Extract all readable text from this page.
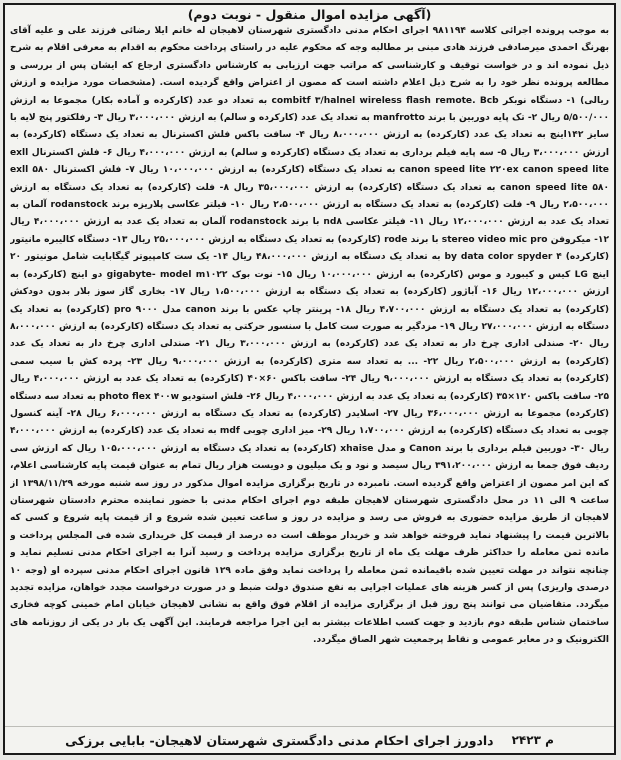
(آگهی مزایده اموال منقول - نوبت دوم)

به موجب پرونده اجرائی کلاسه ۹۸۱۱۹۴ اجرای احکام مدنی دادگستری شهرستان لاهیجان له خانم ایلا رضائی فرزند علی و علیه آقای بهرنگ احمدی میرصادقی فرزند هادی مبنی بر مطالبه وجه که محکوم علیه در راستای پرداخت محکوم به اقدام به معرفی اقلام به شرح ذیل نموده اند و در خواست توقیف و کارشناسی که مراتب جهت ارزیابی به کارشناس دادگستری ارجاع که ایشان پس از بررسی و مطالعه پرونده نظر خود را به شرح ذیل اعلام داشته است که مصون از اعتراض واقع گردیده است. (مشخصات مورد مزایده و ارزش ریالی) ۱- دستگاه نوبکر combitf ۳/halnel wireless flash remote. Bcb به تعداد دو عدد (کارکرده و آماده بکار) مجموعا به ارزش ۵/۵۰۰/۰۰۰ ریال ۲- تک پایه دوربین با برند manfrotto به تعداد یک عدد (کارکرده و سالم) به ارزش ۳،۰۰۰،۰۰۰ ریال ۳- رفلکتور پنج لایه با سایز ۱۴۲اینچ به تعداد یک عدد (کارکرده) به ارزش ۸،۰۰۰،۰۰۰ ریال ۴- سافت باکس فلش اکسترنال به تعداد یک دستگاه (کارکرده) به ارزش ۳،۰۰۰،۰۰۰ ریال ۵- سه پایه فیلم برداری به تعداد یک دستگاه (کارکرده و سالم) به ارزش ۴،۰۰۰،۰۰۰ ریال ۶- فلش اکسترنال exll canon speed lite ۲۲۰ex canon speed lite به تعداد یک دستگاه (کارکرده) به ارزش ۱۰،۰۰۰،۰۰۰ ریال ۷- فلش اکسترنال ۵۸۰ exll canon speed lite ۵۸۰ به تعداد یک دستگاه (کارکرده) به ارزش ۳۵،۰۰۰،۰۰۰ ریال ۸- فلت (کارکرده) به تعداد یک دستگاه به ارزش ۲،۵۰۰،۰۰۰ ریال ۹- فلت (کارکرده) به تعداد یک دستگاه به ارزش ۲،۵۰۰،۰۰۰ ریال ۱۰- فیلتر عکاسی پلاریزه برند rodanstock آلمان به تعداد یک عدد به ارزش ۱۲،۰۰۰،۰۰۰ ریال ۱۱- فیلتر عکاسی nd۸ با برند rodanstock آلمان به تعداد یک عدد به ارزش ۴،۰۰۰،۰۰۰ ریال ۱۲- میکروفن stereo video mic pro با برند rode (کارکرده) به تعداد یک دستگاه به ارزش ۲۵،۰۰۰،۰۰۰ ریال ۱۳- دستگاه کالیبره مانیتور (کارکرده) by data color spyder ۴ به تعداد یک دستگاه به ارزش ۴۸،۰۰۰،۰۰۰ ریال ۱۴- یک ست کامپیوتر گیگابایت شامل مونیتور ۲۰ اینچ LG کیس و کیبورد و موس (کارکرده) به ارزش ۱۰،۰۰۰،۰۰۰ ریال ۱۵- نوت بوک gigabyte- model m۱۰۲۲ دو اینچ (کارکرده) به ارزش ۱۲،۰۰۰،۰۰۰ ریال ۱۶- آباژور (کارکرده) به تعداد یک دستگاه به ارزش ۱،۵۰۰،۰۰۰ ریال ۱۷- بخاری گاز سوز بلار بدون دودکش (کارکرده) به تعداد یک دستگاه به ارزش ۴،۷۰۰،۰۰۰ ریال ۱۸- پرینتر چاپ عکس با برند canon مدل pro ۹۰۰۰ (کارکرده) به تعداد یک دستگاه به ارزش ۲۷،۰۰۰،۰۰۰ ریال ۱۹- مزدگیر به صورت ست کامل با سنسور حرکتی به تعداد یک دستگاه (کارکرده) به ارزش ۸،۰۰۰،۰۰۰ ریال ۲۰- صندلی اداری چرخ دار به تعداد یک عدد (کارکرده) به ارزش ۳،۰۰۰،۰۰۰ ریال ۲۱- صندلی اداری چرخ دار به تعداد یک عدد (کارکرده) به ارزش ۲،۵۰۰،۰۰۰ ریال ۲۲- ... به تعداد سه متری (کارکرده) به ارزش ۹،۰۰۰،۰۰۰ ریال ۲۳- پرده کش با سیب سمی (کارکرده) به تعداد یک دستگاه به ارزش ۹،۰۰۰،۰۰۰ ریال ۲۴- سافت باکس ۶۰×۴۰ (کارکرده) به تعداد یک عدد به ارزش ۴،۰۰۰،۰۰۰ ریال ۲۵- سافت باکس ۱۲۰×۳۵ (کارکرده) به تعداد یک عدد به ارزش ۴،۰۰۰،۰۰۰ ریال ۲۶- فلش استودیو photo flex ۴۰۰w به تعداد سه دستگاه (کارکرده) مجموعا به ارزش ۳۶،۰۰۰،۰۰۰ ریال ۲۷- اسلایدر (کارکرده) به تعداد یک دستگاه به ارزش ۶،۰۰۰،۰۰۰ ریال ۲۸- آینه کنسول چوبی به تعداد یک دستگاه (کارکرده) به ارزش ۱،۷۰۰،۰۰۰ ریال ۲۹- میز اداری چوبی mdf به تعداد یک عدد (کارکرده) به ارزش ۴،۰۰۰،۰۰۰ ریال ۳۰- دوربین فیلم برداری با برند Canon و مدل xhaise (کارکرده) به تعداد یک دستگاه به ارزش ۱۰۵،۰۰۰،۰۰۰ ریال که ارزش سی ردیف فوق جمعا به ارزش ۳۹۱،۲۰۰،۰۰۰ ریال سیصد و نود و یک میلیون و دویست هزار ریال تمام به عنوان قیمت پایه کارشناسی اعلام، که این امر مصون از اعتراض واقع گردیده است. نامبرده در تاریخ برگزاری مزایده اموال مذکور در روز سه شنبه مورخه ۱۳۹۸/۱۱/۲۹ از ساعت ۹ الی ۱۱ در محل دادگستری شهرستان لاهیجان طبقه دوم اجرای احکام مدنی با حضور نماینده محترم دادستان شهرستان لاهیجان از طریق مزایده حضوری به فروش می رسد و مزایده در روز و ساعت تعیین شده شروع و از قیمت پایه شروع و کسی که بالاترین قیمت را پیشنهاد نماید فروخته خواهد شد و خریدار موظف است ده درصد از قیمت کل خریداری شده فی المجلس پرداخت و مانده ثمن معامله را حداکثر ظرف مهلت یک ماه از تاریخ برگزاری مزایده پرداخت و رسید آنرا به اجرای احکام مدنی تسلیم نماید و چنانچه نتواند در مهلت تعیین شده باقیمانده ثمن معامله را پرداخت نماید وفق ماده ۱۲۹ قانون اجرای احکام مدنی سپرده او (وجه ۱۰ درصدی واریزی) پس از کسر هزینه های عملیات اجرایی به نفع صندوق دولت ضبط و در صورت درخواست مجدد خواهان، مزایده تجدید میگردد. متقاضیان می توانند پنج روز قبل از برگزاری مزایده از اقلام فوق واقع به نشانی لاهیجان خیابان امام خمینی کوچه فخاری ساختمان شناس طبقه دوم بازدید و جهت کسب اطلاعات بیشتر به این اجرا مراجعه فرمایند. این آگهی یک بار در یکی از روزنامه های الکترونیک و در معابر عمومی و نقاط پرجمعیت شهر الصاق میگردد.

م ۲۴۲۳
دادورز اجرای احکام مدنی دادگستری شهرستان لاهیجان- بابایی برزکی
